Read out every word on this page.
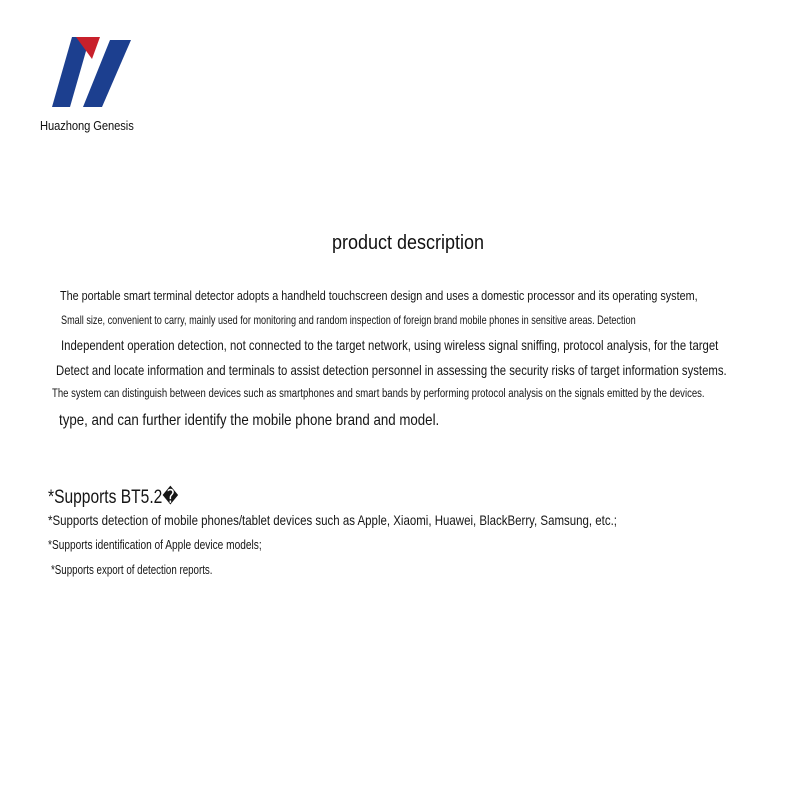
Huazhong Genesis
product description
The portable smart terminal detector adopts a handheld touchscreen design and uses a domestic processor and its operating system,
Small size, convenient to carry, mainly used for monitoring and random inspection of foreign brand mobile phones in sensitive areas. Detection
Independent operation detection, not connected to the target network, using wireless signal sniffing, protocol analysis, for the target
Detect and locate information and terminals to assist detection personnel in assessing the security risks of target information systems.
The system can distinguish between devices such as smartphones and smart bands by performing protocol analysis on the signals emitted by the devices.
type, and can further identify the mobile phone brand and model.
*Supports BT5.2�
*Supports detection of mobile phones/tablet devices such as Apple, Xiaomi, Huawei, BlackBerry, Samsung, etc.;
*Supports identification of Apple device models;
*Supports export of detection reports.
